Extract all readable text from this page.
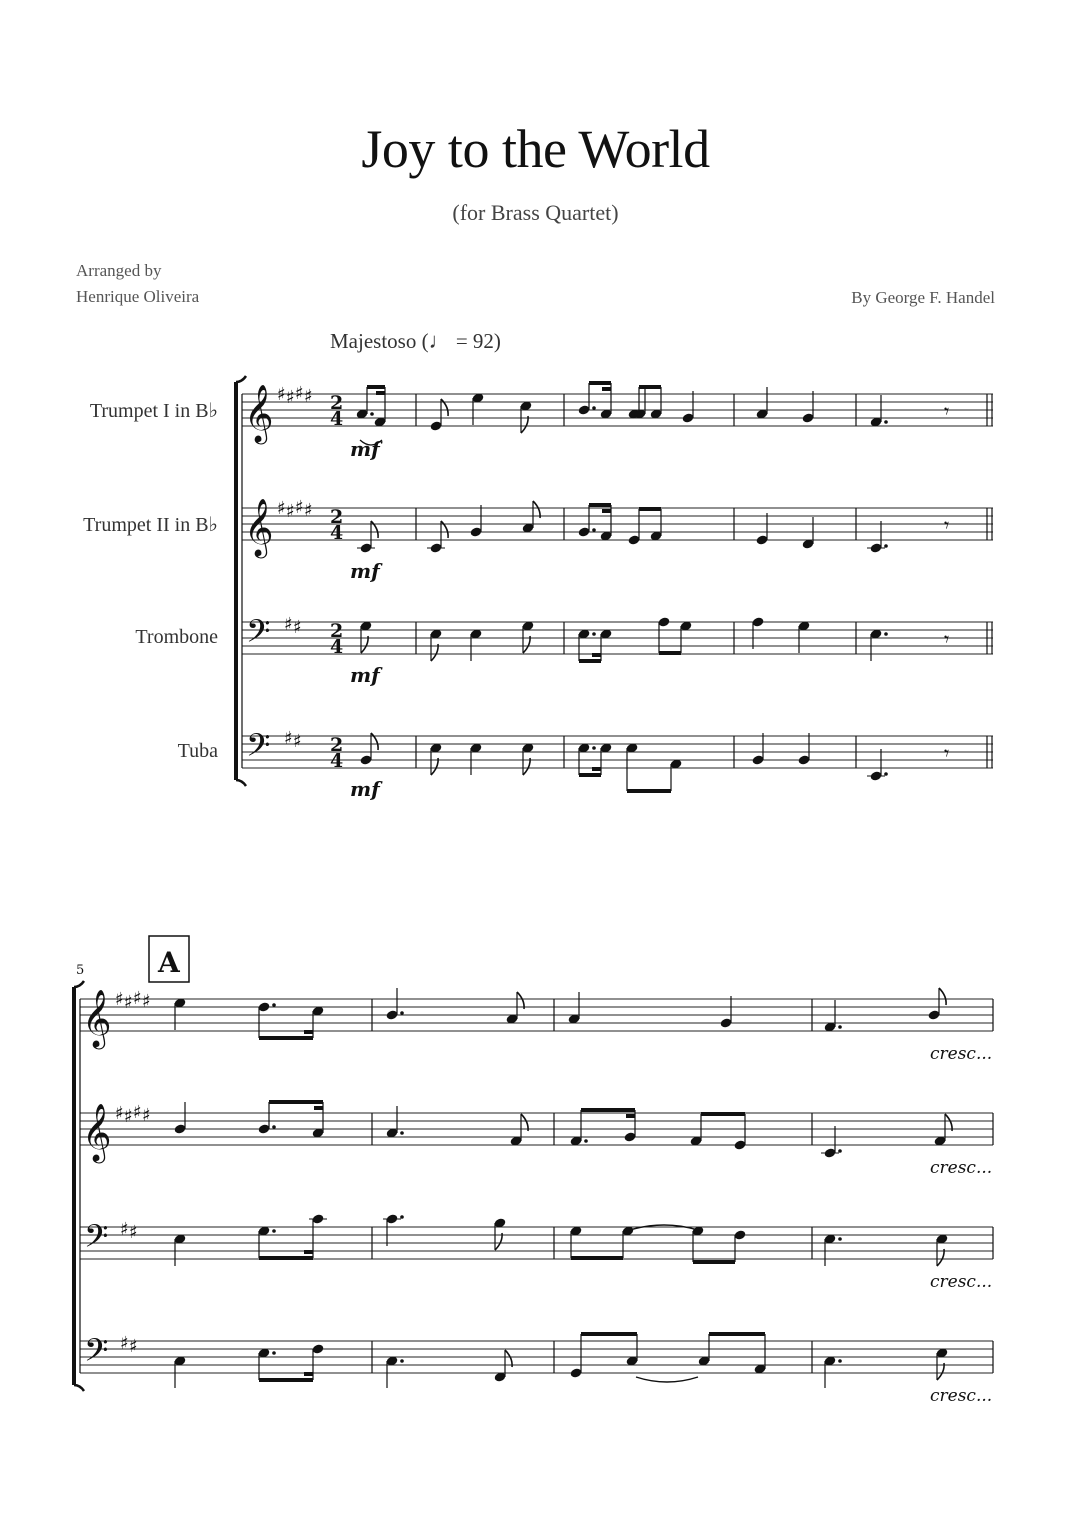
Joy to the World
(for Brass Quartet)
Arranged by
Henrique Oliveira	By George F. Handel
Majestoso (♩ = 92)
Trumpet I in B♭
Trumpet II in B♭
Trombone
Tuba
𝄞 ♯ ♯ ♯ ♯ 2
4
𝄞 ♯ ♯ ♯ ♯ 2
4
𝄢 ♯ ♯ 2
4
𝄢 ♯ ♯ 2
4
mf
𝄾
mf
𝄾
mf
𝄾
mf
𝄾
5	A
𝄞 ♯ ♯ ♯ ♯
𝄞 ♯ ♯ ♯ ♯
𝄢 ♯ ♯
𝄢 ♯ ♯
cresc...
cresc...
cresc...
cresc...
